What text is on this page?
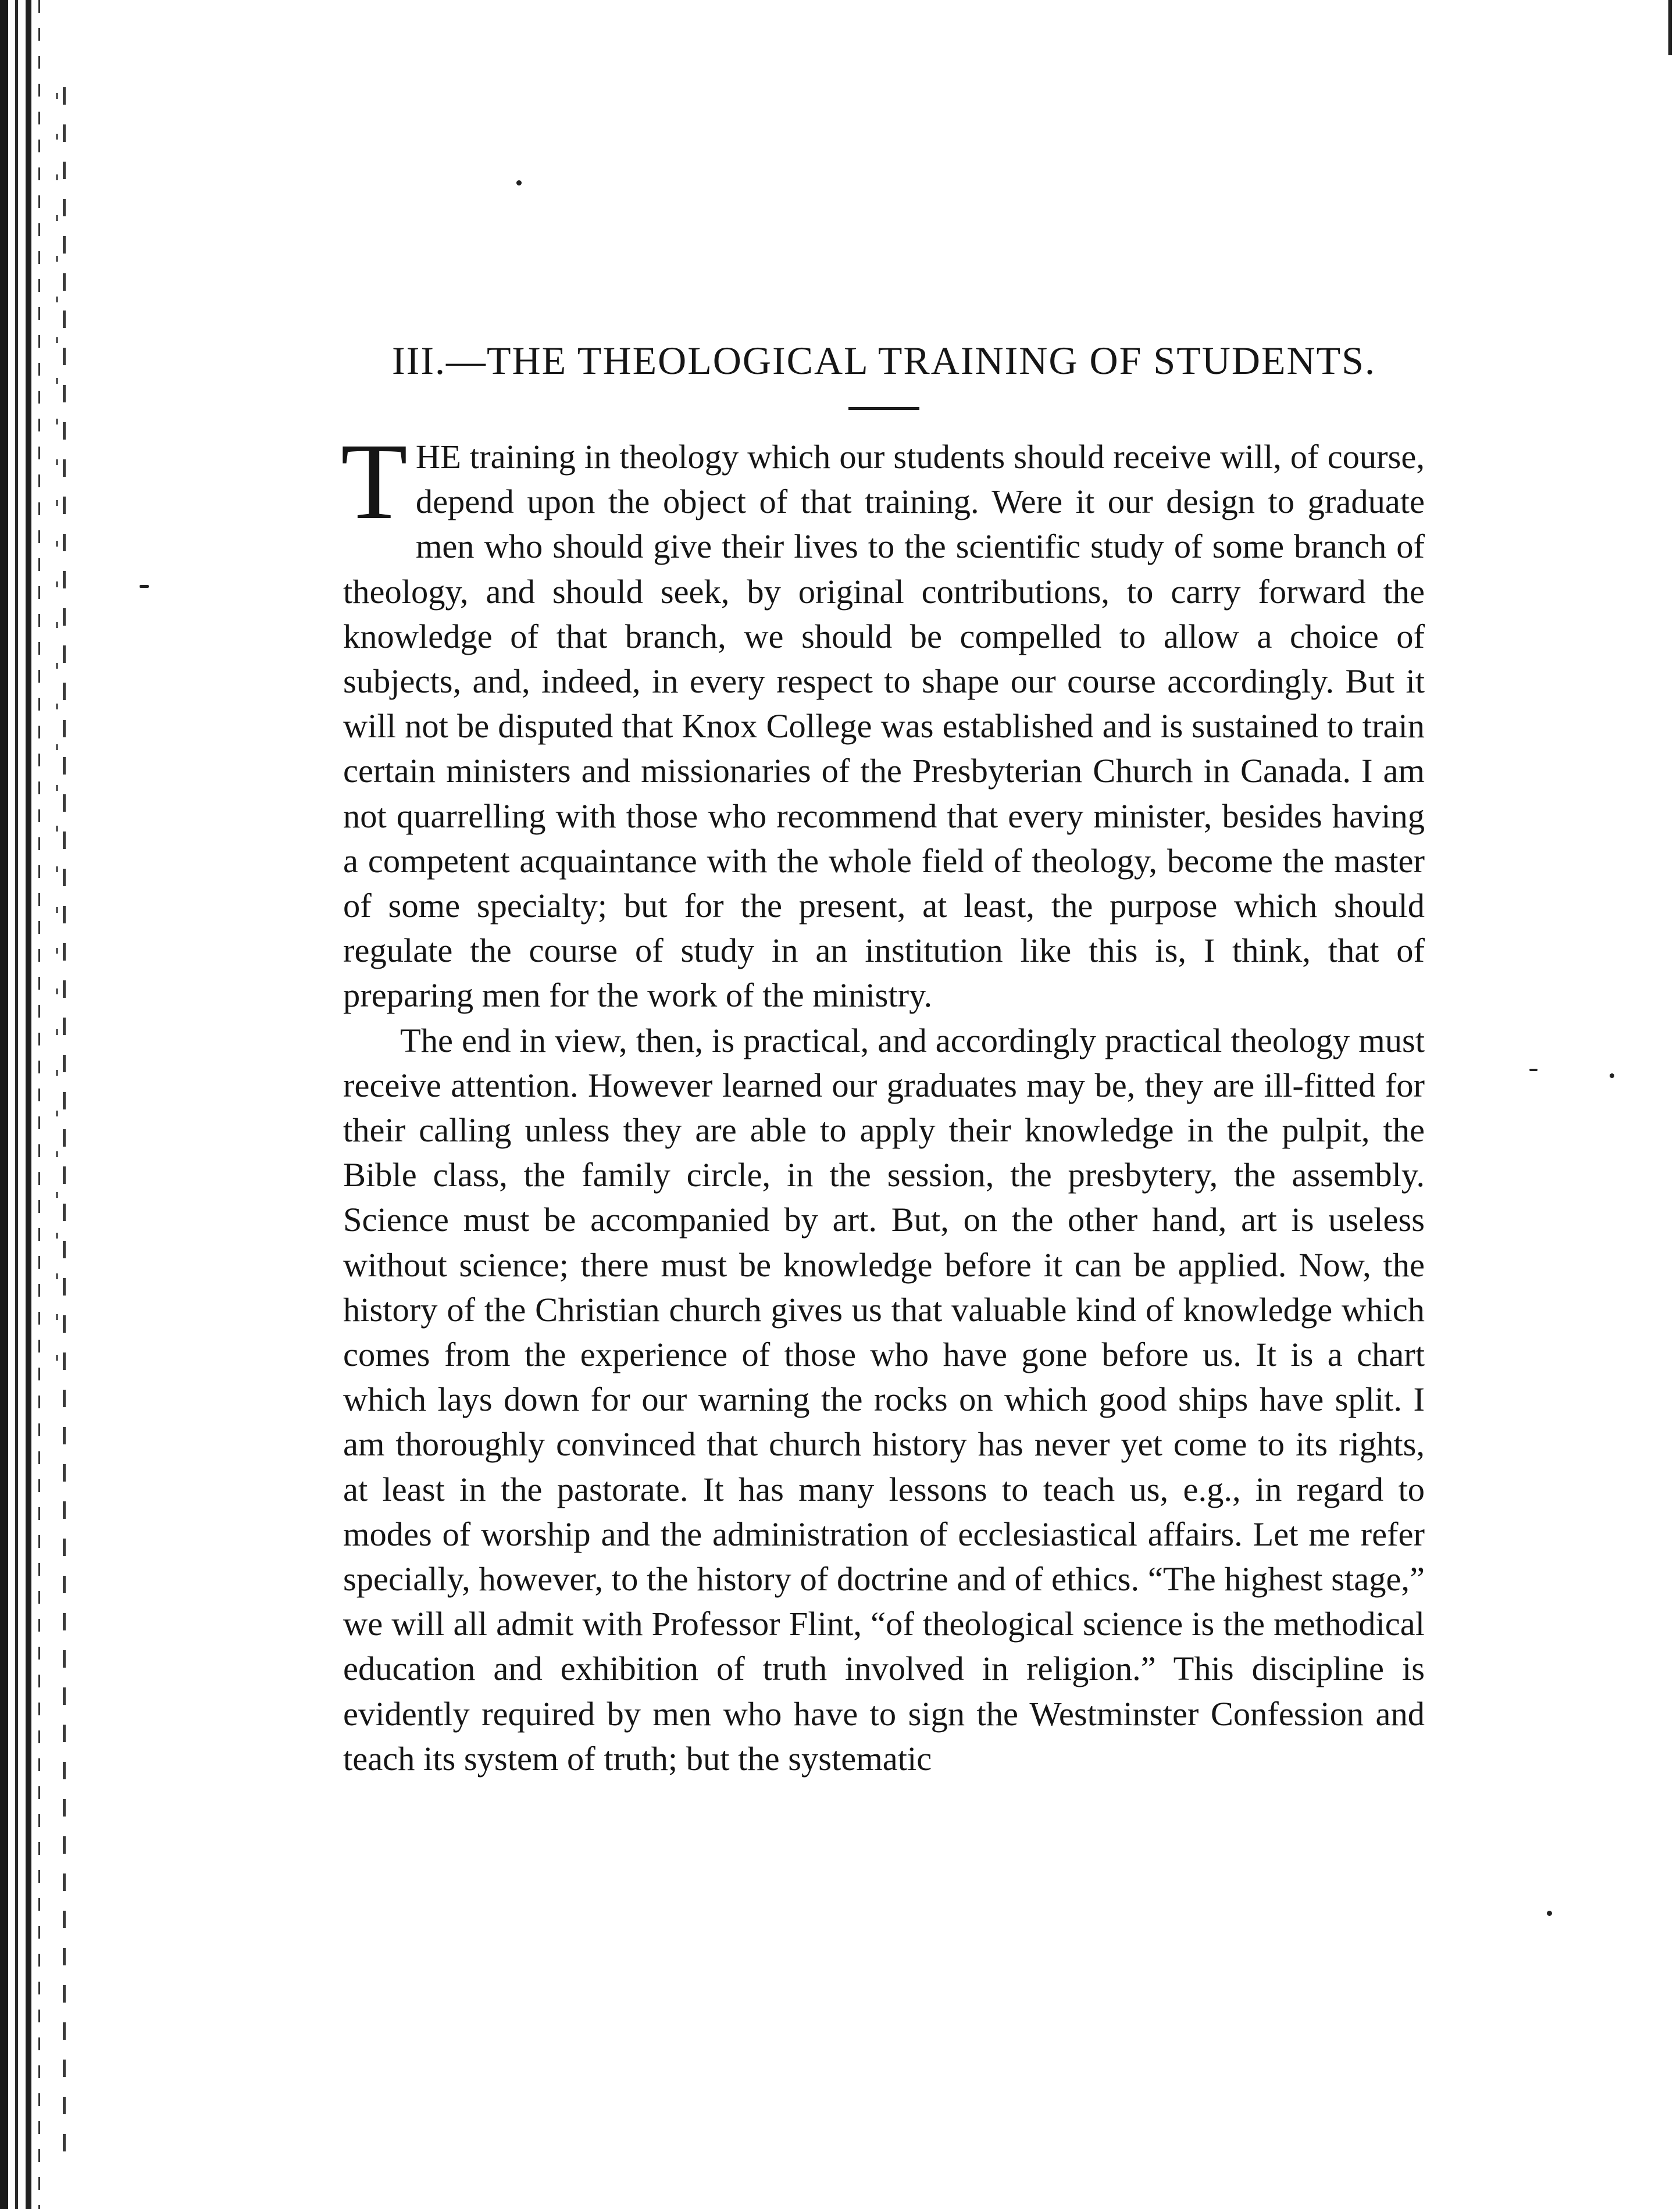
III.—THE THEOLOGICAL TRAINING OF STUDENTS.

THE training in theology which our students should receive will, of course, depend upon the object of that training. Were it our design to graduate men who should give their lives to the scientific study of some branch of theology, and should seek, by original contributions, to carry forward the knowledge of that branch, we should be compelled to allow a choice of subjects, and, indeed, in every respect to shape our course accordingly. But it will not be disputed that Knox College was established and is sustained to train certain ministers and missionaries of the Presbyterian Church in Canada. I am not quarrelling with those who recommend that every minister, besides having a competent acquaintance with the whole field of theology, become the master of some specialty; but for the present, at least, the purpose which should regulate the course of study in an institution like this is, I think, that of preparing men for the work of the ministry.

The end in view, then, is practical, and accordingly practical theology must receive attention. However learned our graduates may be, they are ill-fitted for their calling unless they are able to apply their knowledge in the pulpit, the Bible class, the family circle, in the session, the presbytery, the assembly. Science must be accompanied by art. But, on the other hand, art is useless without science; there must be knowledge before it can be applied. Now, the history of the Christian church gives us that valuable kind of knowledge which comes from the experience of those who have gone before us. It is a chart which lays down for our warning the rocks on which good ships have split. I am thoroughly convinced that church history has never yet come to its rights, at least in the pastorate. It has many lessons to teach us, e.g., in regard to modes of worship and the administration of ecclesiastical affairs. Let me refer specially, however, to the history of doctrine and of ethics. “The highest stage,” we will all admit with Professor Flint, “of theological science is the methodical education and exhibition of truth involved in religion.” This discipline is evidently required by men who have to sign the Westminster Confession and teach its system of truth; but the systematic
